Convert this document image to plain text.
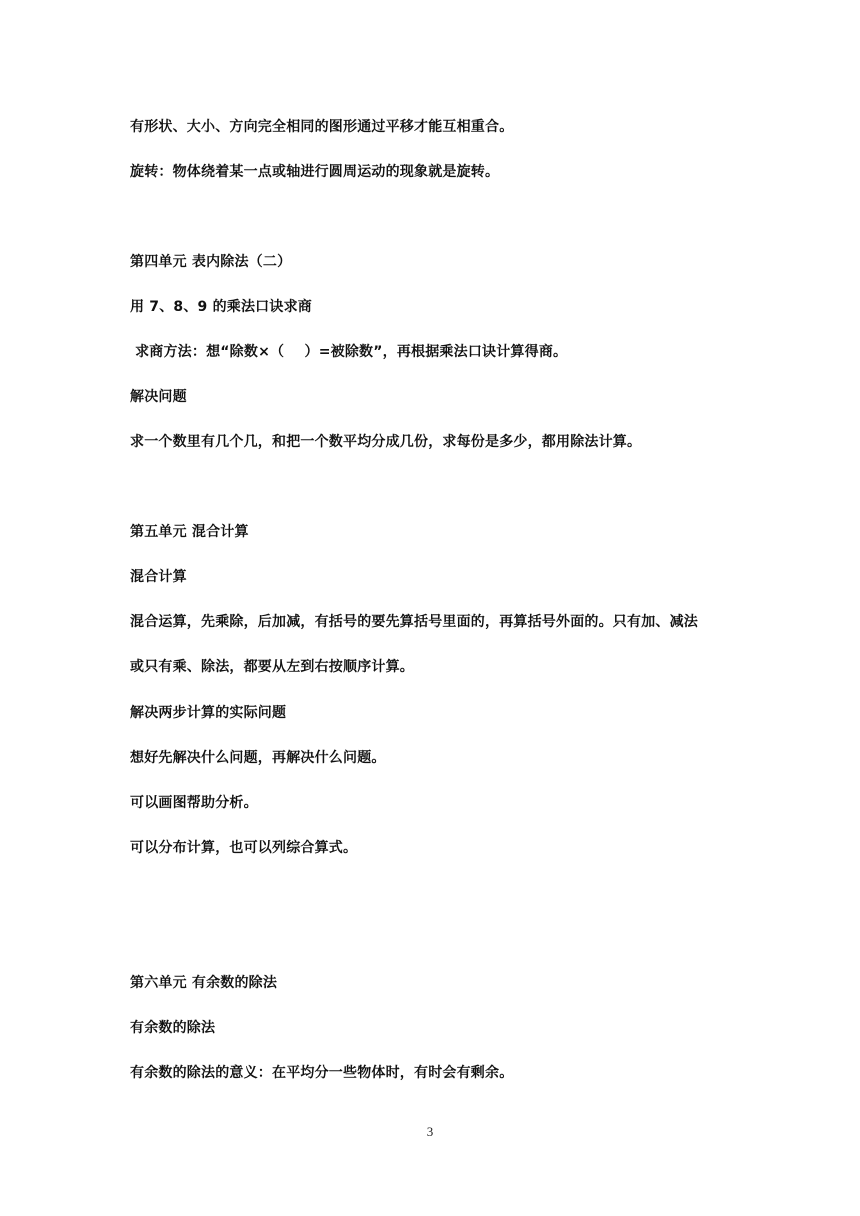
有形状、大小、方向完全相同的图形通过平移才能互相重合。
旋转：物体绕着某一点或轴进行圆周运动的现象就是旋转。
第四单元 表内除法（二）
用 7、8、9 的乘法口诀求商
求商方法：想“除数×（    ）=被除数”，再根据乘法口诀计算得商。
解决问题
求一个数里有几个几，和把一个数平均分成几份，求每份是多少，都用除法计算。
第五单元 混合计算
混合计算
混合运算，先乘除，后加减，有括号的要先算括号里面的，再算括号外面的。只有加、减法
或只有乘、除法，都要从左到右按顺序计算。
解决两步计算的实际问题
想好先解决什么问题，再解决什么问题。
可以画图帮助分析。
可以分布计算，也可以列综合算式。
第六单元 有余数的除法
有余数的除法
有余数的除法的意义：在平均分一些物体时，有时会有剩余。
3
